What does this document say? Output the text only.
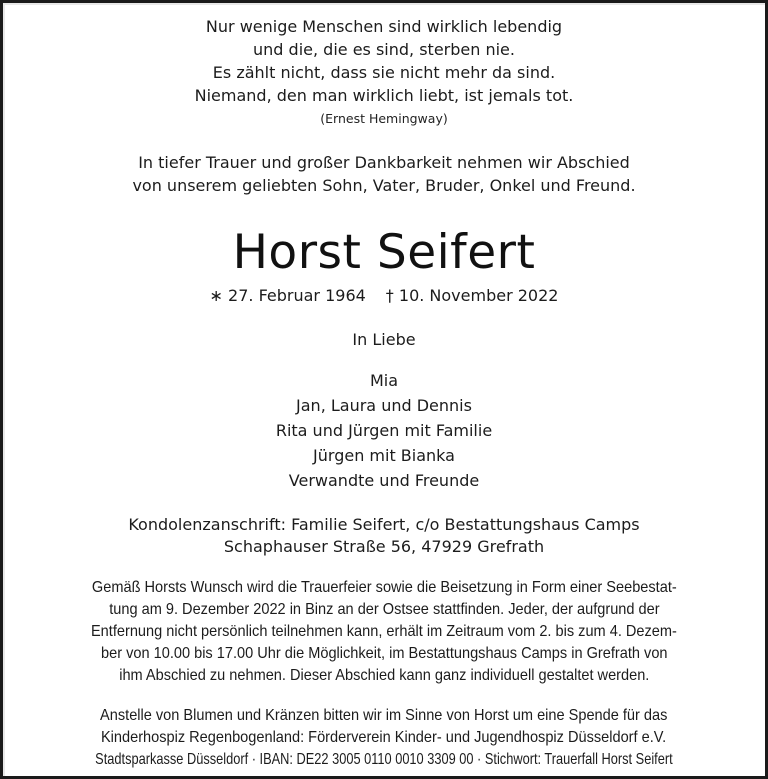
Nur wenige Menschen sind wirklich lebendig
und die, die es sind, sterben nie.
Es zählt nicht, dass sie nicht mehr da sind.
Niemand, den man wirklich liebt, ist jemals tot.
(Ernest Hemingway)
In tiefer Trauer und großer Dankbarkeit nehmen wir Abschied
von unserem geliebten Sohn, Vater, Bruder, Onkel und Freund.
Horst Seifert
∗ 27. Februar 1964 † 10. November 2022
In Liebe
Mia
Jan, Laura und Dennis
Rita und Jürgen mit Familie
Jürgen mit Bianka
Verwandte und Freunde
Kondolenzanschrift: Familie Seifert, c/o Bestattungshaus Camps
Schaphauser Straße 56, 47929 Grefrath
Gemäß Horsts Wunsch wird die Trauerfeier sowie die Beisetzung in Form einer Seebestat-
tung am 9. Dezember 2022 in Binz an der Ostsee stattfinden. Jeder, der aufgrund der
Entfernung nicht persönlich teilnehmen kann, erhält im Zeitraum vom 2. bis zum 4. Dezem-
ber von 10.00 bis 17.00 Uhr die Möglichkeit, im Bestattungshaus Camps in Grefrath von
ihm Abschied zu nehmen. Dieser Abschied kann ganz individuell gestaltet werden.
Anstelle von Blumen und Kränzen bitten wir im Sinne von Horst um eine Spende für das
Kinderhospiz Regenbogenland: Förderverein Kinder- und Jugendhospiz Düsseldorf e.V.
Stadtsparkasse Düsseldorf · IBAN: DE22 3005 0110 0010 3309 00 · Stichwort: Trauerfall Horst Seifert
